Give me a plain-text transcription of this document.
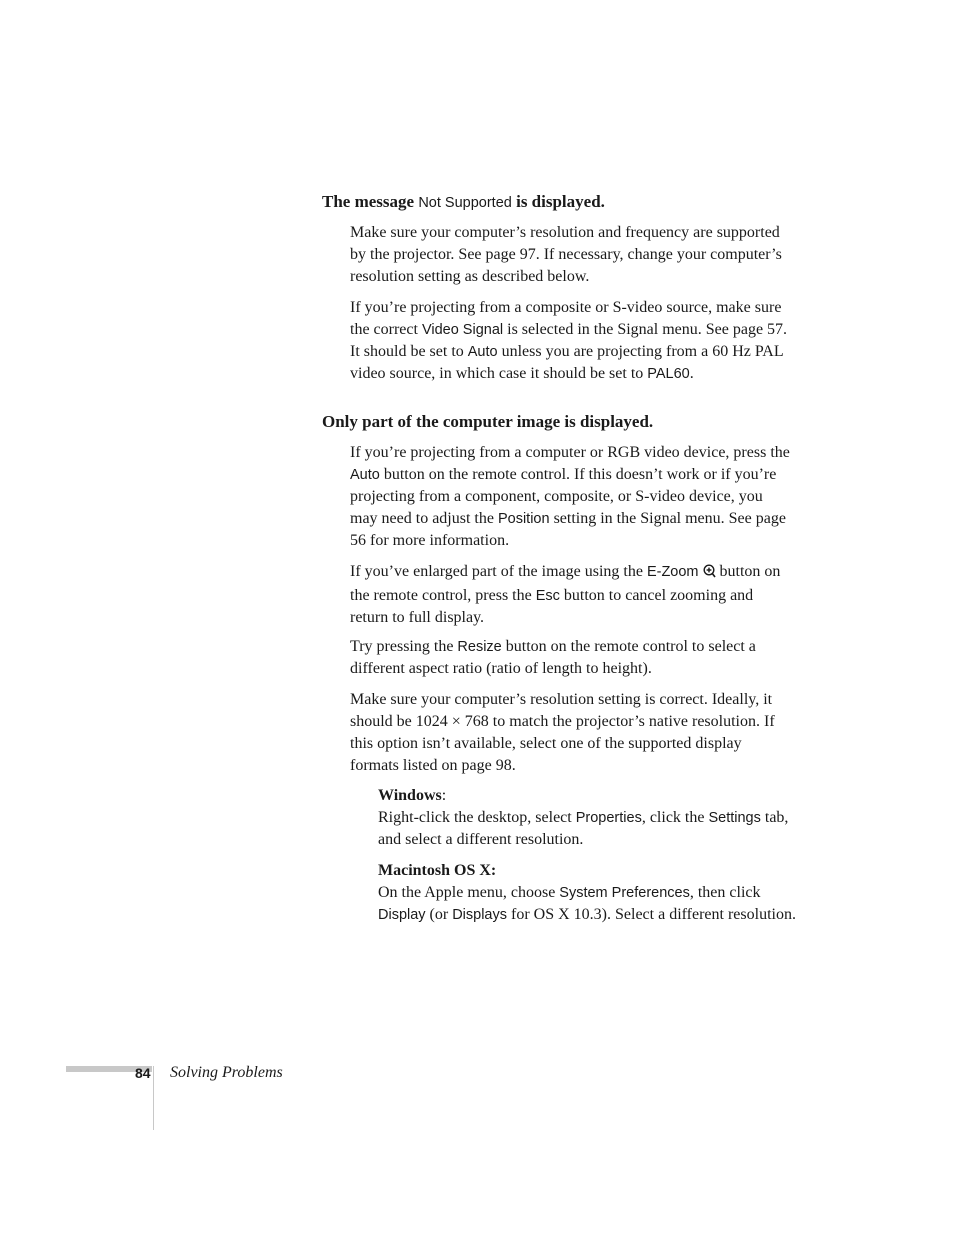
The message Not Supported is displayed.

Make sure your computer’s resolution and frequency are supported by the projector. See page 97. If necessary, change your computer’s resolution setting as described below.

If you’re projecting from a composite or S-video source, make sure the correct Video Signal is selected in the Signal menu. See page 57. It should be set to Auto unless you are projecting from a 60 Hz PAL video source, in which case it should be set to PAL60.

Only part of the computer image is displayed.

If you’re projecting from a computer or RGB video device, press the Auto button on the remote control. If this doesn’t work or if you’re projecting from a component, composite, or S-video device, you may need to adjust the Position setting in the Signal menu. See page 56 for more information.

If you’ve enlarged part of the image using the E-Zoom button on the remote control, press the Esc button to cancel zooming and return to full display.

Try pressing the Resize button on the remote control to select a different aspect ratio (ratio of length to height).

Make sure your computer’s resolution setting is correct. Ideally, it should be 1024 × 768 to match the projector’s native resolution. If this option isn’t available, select one of the supported display formats listed on page 98.

Windows:
Right-click the desktop, select Properties, click the Settings tab, and select a different resolution.

Macintosh OS X:
On the Apple menu, choose System Preferences, then click Display (or Displays for OS X 10.3). Select a different resolution.

84 Solving Problems
